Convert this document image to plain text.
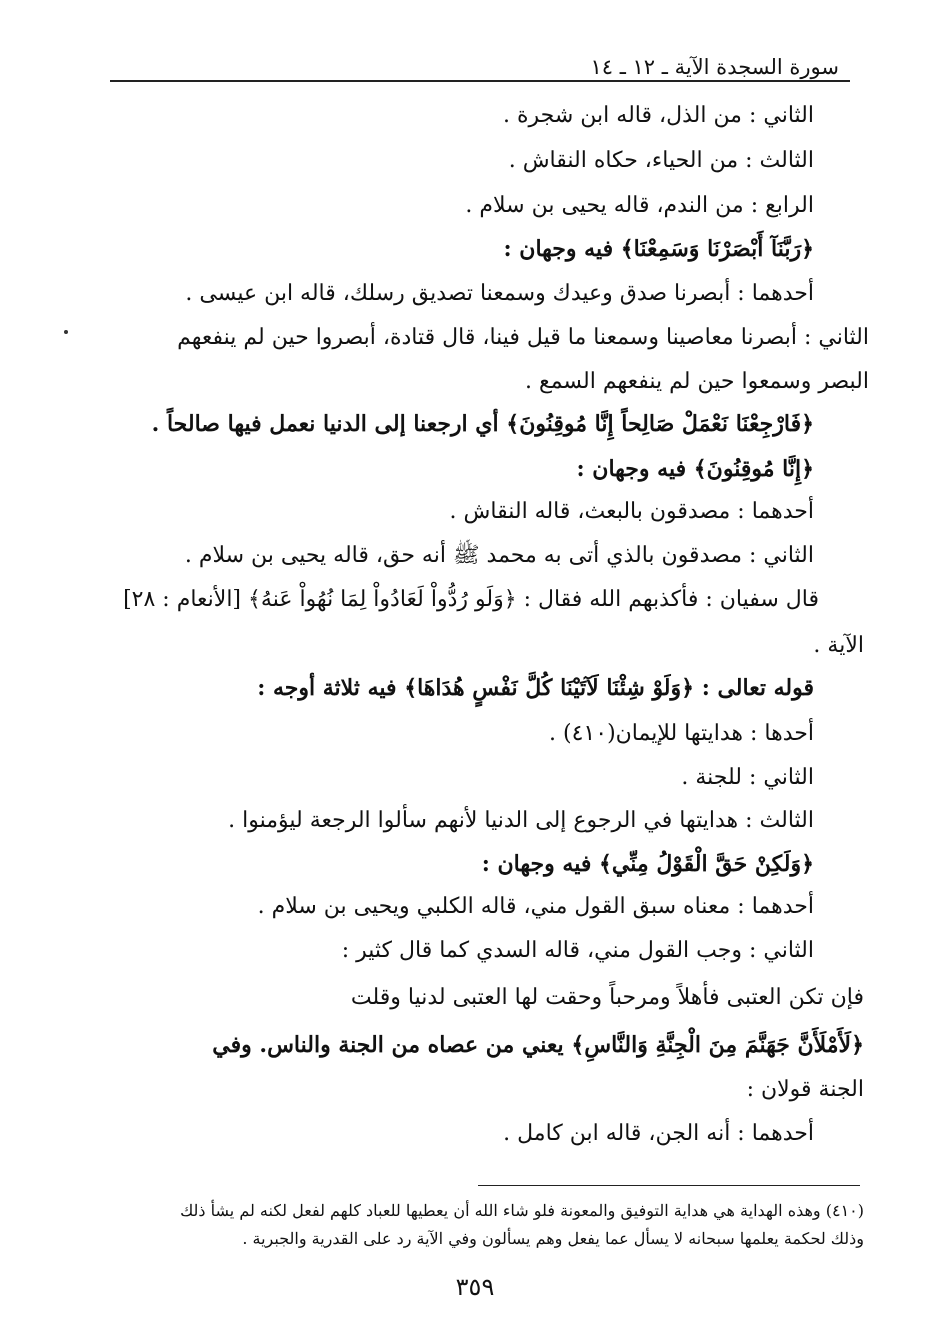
سورة السجدة الآية ـ ١٢ ـ ١٤
الثاني : من الذل، قاله ابن شجرة .
الثالث : من الحياء، حكاه النقاش .
الرابع : من الندم، قاله يحيى بن سلام .
﴿رَبَّنَآ أَبْصَرْنَا وَسَمِعْنَا﴾ فيه وجهان :
أحدهما : أبصرنا صدق وعيدك وسمعنا تصديق رسلك، قاله ابن عيسى .
الثاني : أبصرنا معاصينا وسمعنا ما قيل فينا، قال قتادة، أبصروا حين لم ينفعهم
البصر وسمعوا حين لم ينفعهم السمع .
﴿فَارْجِعْنَا نَعْمَلْ صَالِحاً إِنَّا مُوقِنُونَ﴾ أي ارجعنا إلى الدنيا نعمل فيها صالحاً .
﴿إِنَّا مُوقِنُونَ﴾ فيه وجهان :
أحدهما : مصدقون بالبعث، قاله النقاش .
الثاني : مصدقون بالذي أتى به محمد ﷺ أنه حق، قاله يحيى بن سلام .
قال سفيان : فأكذبهم الله فقال : ﴿وَلَو رُدُّواْ لَعَادُواْ لِمَا نُهُواْ عَنهُ﴾ [الأنعام : ٢٨]
الآية .
قوله تعالى : ﴿وَلَوْ شِئْنَا لَآتَيْنَا كُلَّ نَفْسٍ هُدَاهَا﴾ فيه ثلاثة أوجه :
أحدها : هدايتها للإيمان(٤١٠) .
الثاني : للجنة .
الثالث : هدايتها في الرجوع إلى الدنيا لأنهم سألوا الرجعة ليؤمنوا .
﴿وَلَكِنْ حَقَّ الْقَوْلُ مِنِّي﴾ فيه وجهان :
أحدهما : معناه سبق القول مني، قاله الكلبي ويحيى بن سلام .
الثاني : وجب القول مني، قاله السدي كما قال كثير :
فإن تكن العتبى فأهلاً ومرحباً وحقت لها العتبى لدنيا وقلت
﴿لَأَمْلَأَنَّ جَهَنَّمَ مِنَ الْجِنَّةِ وَالنَّاسِ﴾ يعني من عصاه من الجنة والناس. وفي
الجنة قولان :
أحدهما : أنه الجن، قاله ابن كامل .
(٤١٠) وهذه الهداية هي هداية التوفيق والمعونة فلو شاء الله أن يعطيها للعباد كلهم لفعل لكنه لم يشأ ذلك
وذلك لحكمة يعلمها سبحانه لا يسأل عما يفعل وهم يسألون وفي الآية رد على القدرية والجبرية .
٣٥٩
